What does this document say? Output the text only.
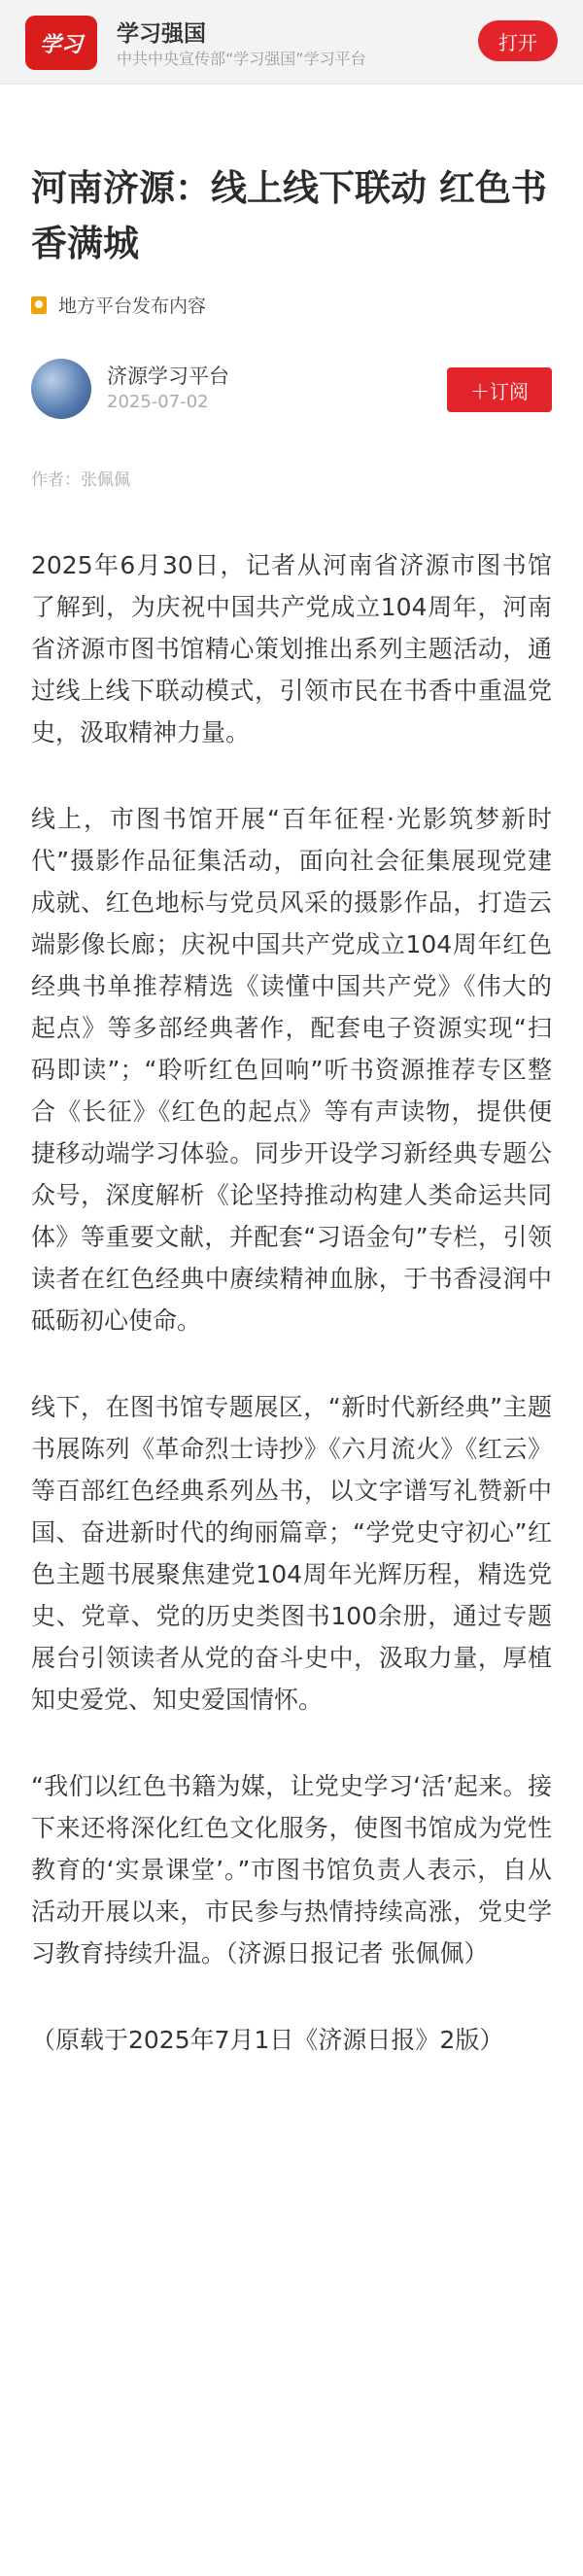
学习 学习强国
中共中央宣传部“学习强国”学习平台
打开
河南济源：线上线下联动 红色书香满城
地方平台发布内容
济源学习平台
2025-07-02	＋订阅
作者：张佩佩

2025年6月30日，记者从河南省济源市图书馆了解到，为庆祝中国共产党成立104周年，河南省济源市图书馆精心策划推出系列主题活动，通过线上线下联动模式，引领市民在书香中重温党史，汲取精神力量。

线上，市图书馆开展“百年征程·光影筑梦新时代”摄影作品征集活动，面向社会征集展现党建成就、红色地标与党员风采的摄影作品，打造云端影像长廊；庆祝中国共产党成立104周年红色经典书单推荐精选《读懂中国共产党》《伟大的起点》等多部经典著作，配套电子资源实现“扫码即读”；“聆听红色回响”听书资源推荐专区整合《长征》《红色的起点》等有声读物，提供便捷移动端学习体验。同步开设学习新经典专题公众号，深度解析《论坚持推动构建人类命运共同体》等重要文献，并配套“习语金句”专栏，引领读者在红色经典中赓续精神血脉，于书香浸润中砥砺初心使命。

线下，在图书馆专题展区，“新时代新经典”主题书展陈列《革命烈士诗抄》《六月流火》《红云》等百部红色经典系列丛书，以文字谱写礼赞新中国、奋进新时代的绚丽篇章；“学党史守初心”红色主题书展聚焦建党104周年光辉历程，精选党史、党章、党的历史类图书100余册，通过专题展台引领读者从党的奋斗史中，汲取力量，厚植知史爱党、知史爱国情怀。

“我们以红色书籍为媒，让党史学习‘活’起来。接下来还将深化红色文化服务，使图书馆成为党性教育的‘实景课堂’。”市图书馆负责人表示，自从活动开展以来，市民参与热情持续高涨，党史学习教育持续升温。（济源日报记者 张佩佩）

（原载于2025年7月1日《济源日报》2版）
